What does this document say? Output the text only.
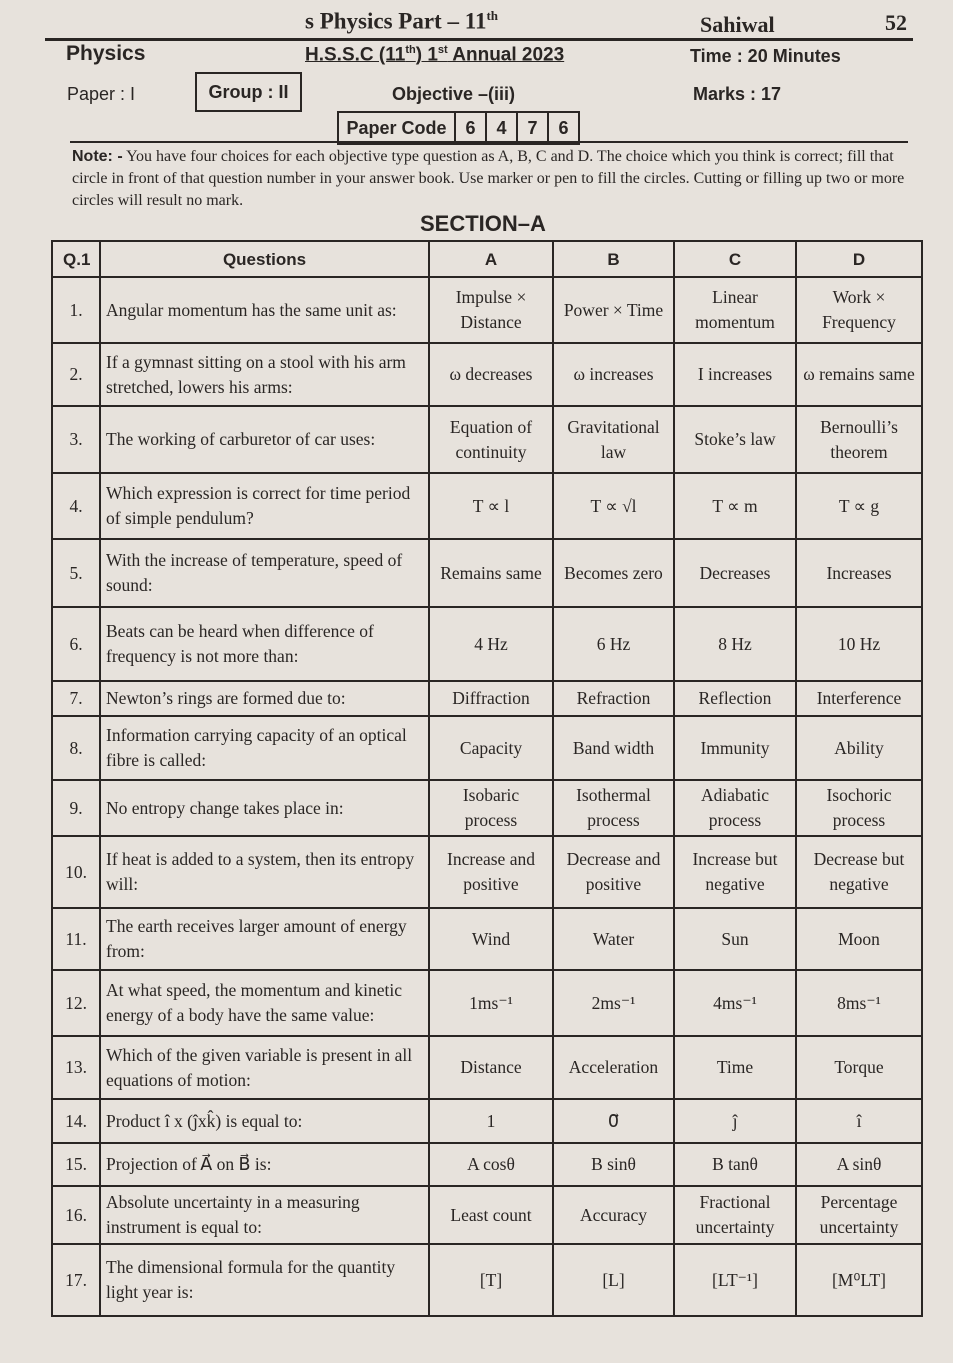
s Physics Part – 11th	Sahiwal	52
Physics	H.S.S.C (11th) 1st Annual 2023	Time : 20 Minutes
Paper : I	Group : II	Objective –(iii)	Marks : 17
Paper Code	6	4	7	6
Note: - You have four choices for each objective type question as A, B, C and D. The choice which you think is correct; fill that circle in front of that question number in your answer book. Use marker or pen to fill the circles. Cutting or filling up two or more circles will result no mark.
SECTION–A
Q.1	Questions	A	B	C	D
1.	Angular momentum has the same unit as:	Impulse × Distance	Power × Time	Linear momentum	Work × Frequency
2.	If a gymnast sitting on a stool with his arm stretched, lowers his arms:	ω decreases	ω increases	I increases	ω remains same
3.	The working of carburetor of car uses:	Equation of continuity	Gravitational law	Stoke’s law	Bernoulli’s theorem
4.	Which expression is correct for time period of simple pendulum?	T ∝ l	T ∝ √l	T ∝ m	T ∝ g
5.	With the increase of temperature, speed of sound:	Remains same	Becomes zero	Decreases	Increases
6.	Beats can be heard when difference of frequency is not more than:	4 Hz	6 Hz	8 Hz	10 Hz
7.	Newton’s rings are formed due to:	Diffraction	Refraction	Reflection	Interference
8.	Information carrying capacity of an optical fibre is called:	Capacity	Band width	Immunity	Ability
9.	No entropy change takes place in:	Isobaric process	Isothermal process	Adiabatic process	Isochoric process
10.	If heat is added to a system, then its entropy will:	Increase and positive	Decrease and positive	Increase but negative	Decrease but negative
11.	The earth receives larger amount of energy from:	Wind	Water	Sun	Moon
12.	At what speed, the momentum and kinetic energy of a body have the same value:	1ms⁻¹	2ms⁻¹	4ms⁻¹	8ms⁻¹
13.	Which of the given variable is present in all equations of motion:	Distance	Acceleration	Time	Torque
14.	Product î x (ĵxk̂) is equal to:	1	0⃗	ĵ	î
15.	Projection of A⃗ on B⃗ is:	A cosθ	B sinθ	B tanθ	A sinθ
16.	Absolute uncertainty in a measuring instrument is equal to:	Least count	Accuracy	Fractional uncertainty	Percentage uncertainty
17.	The dimensional formula for the quantity light year is:	[T]	[L]	[LT⁻¹]	[M⁰LT]
